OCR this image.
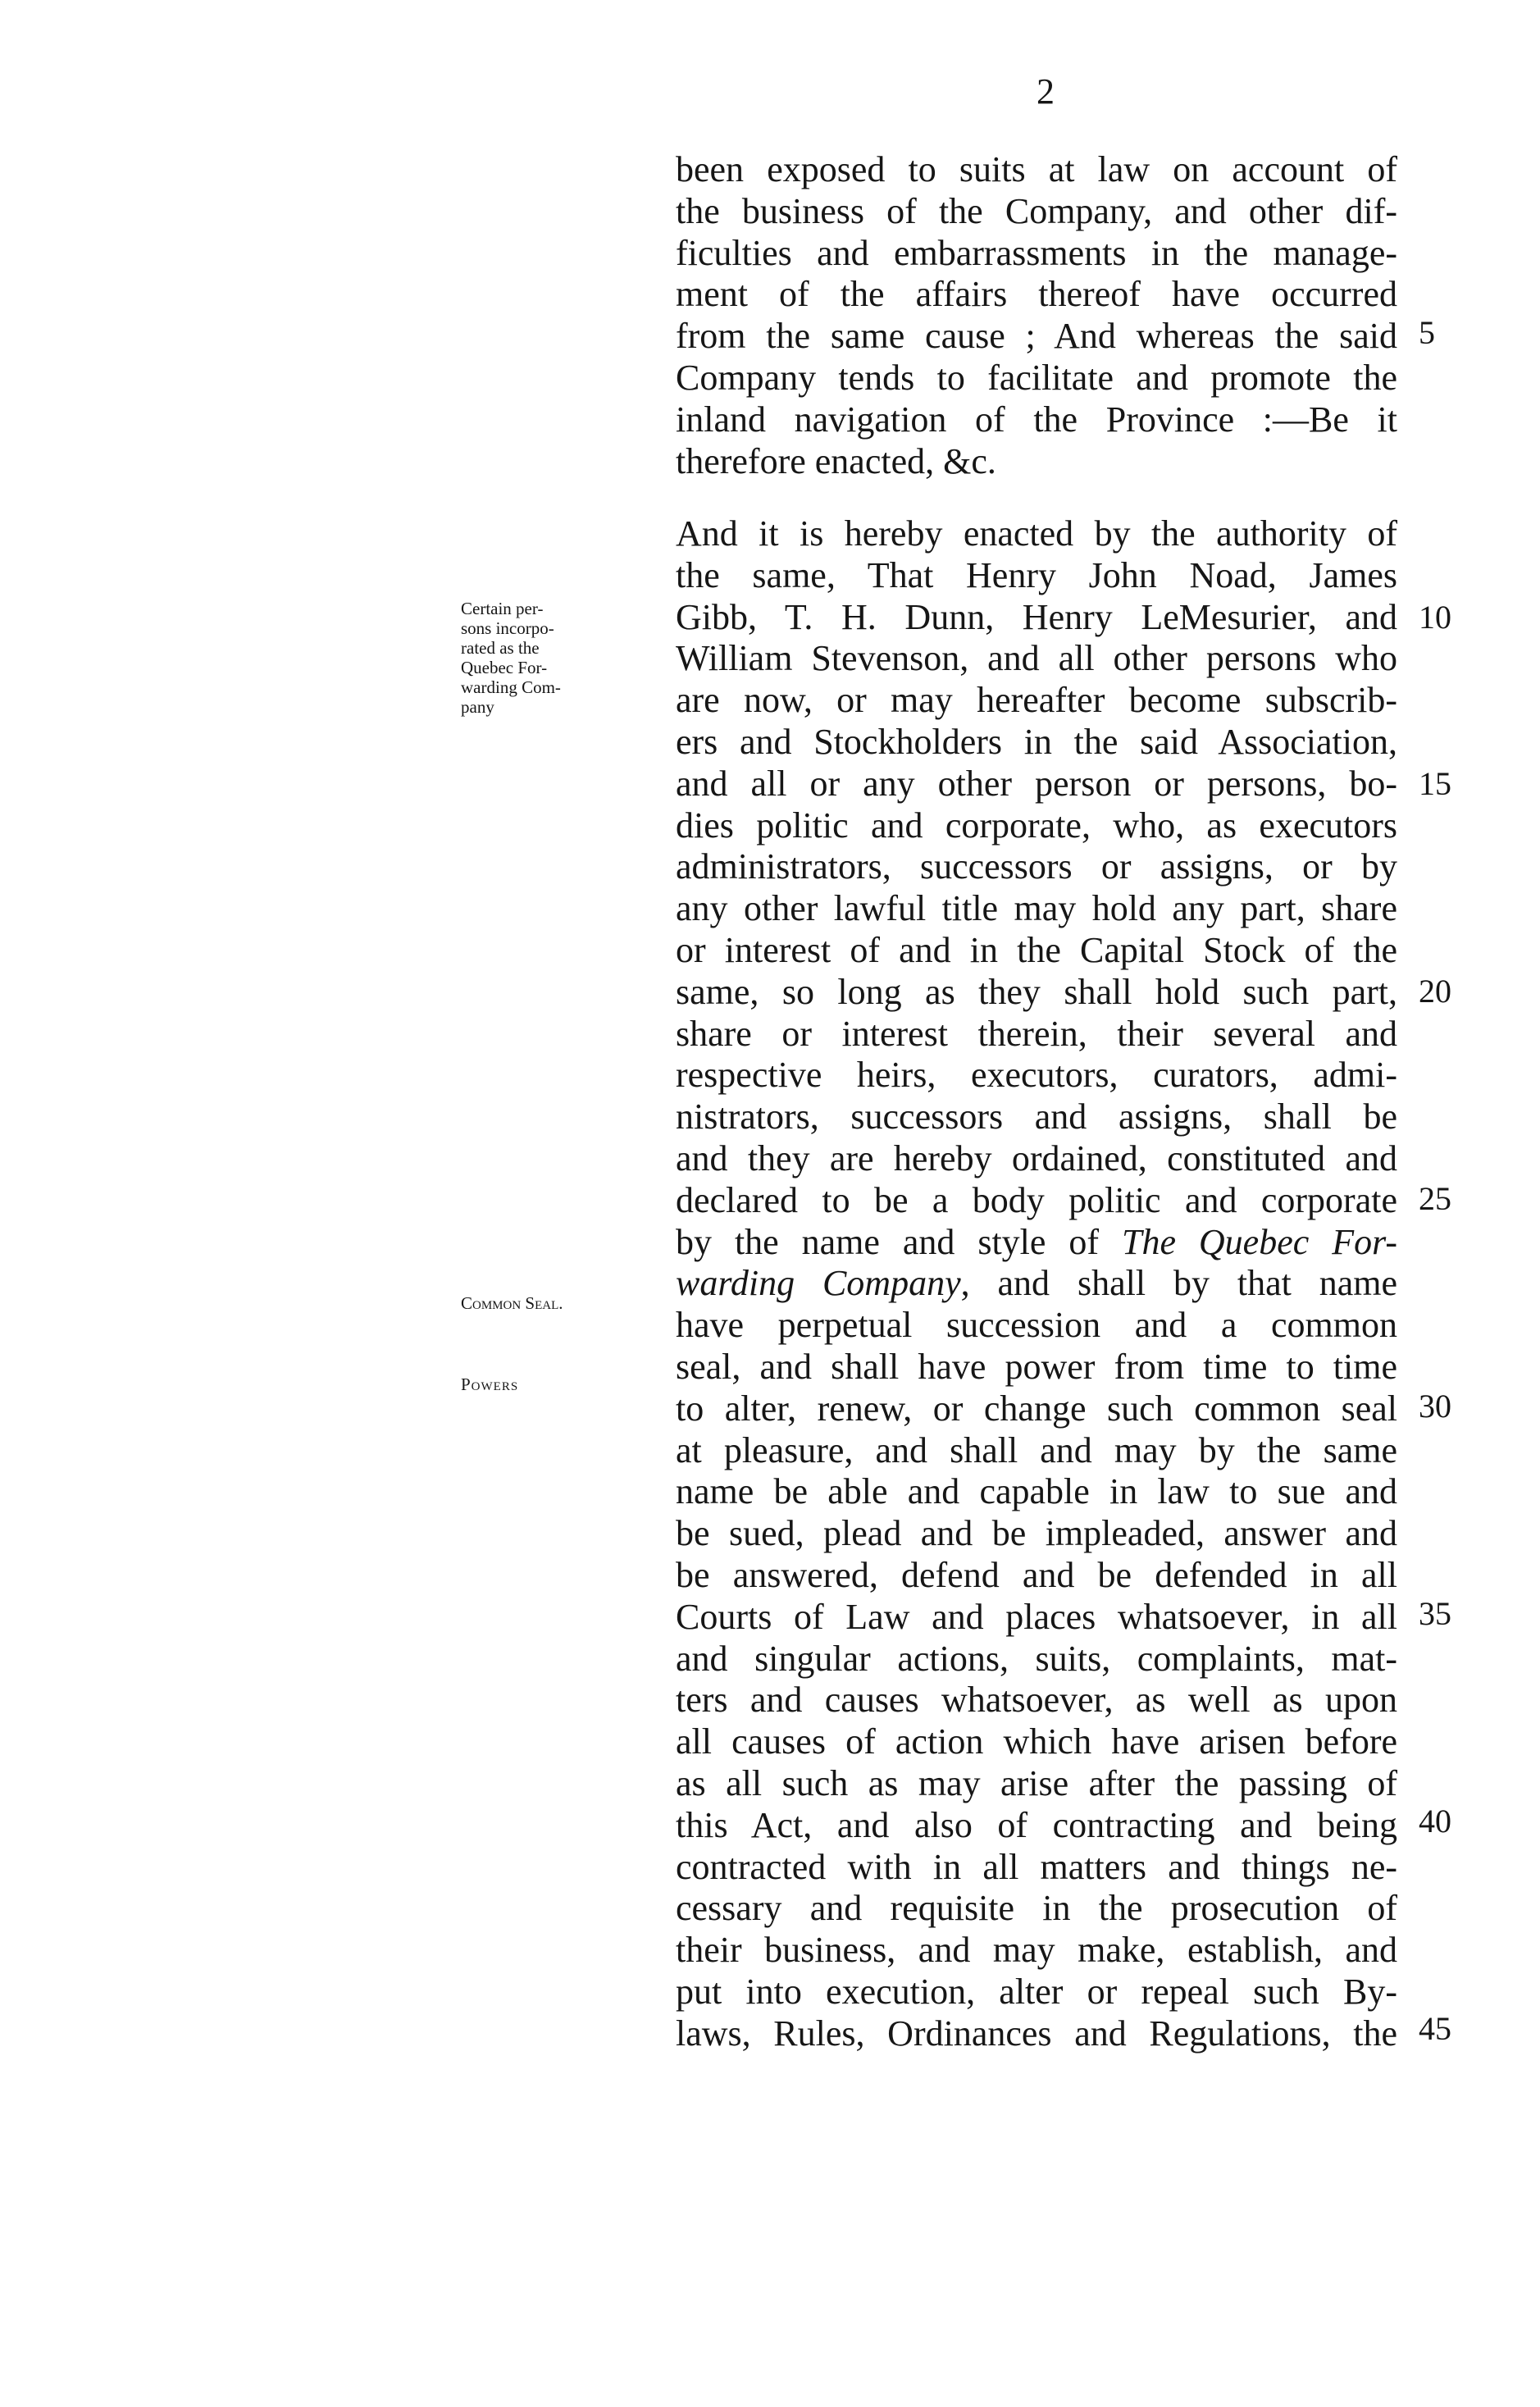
2
been exposed to suits at law on account of
the business of the Company, and other dif-
ficulties and embarrassments in the manage-
ment of the affairs thereof have occurred
from the same cause ; And whereas the said
Company tends to facilitate and promote the
inland navigation of the Province :—Be it
therefore enacted, &c.
And it is hereby enacted by the authority of
the same, That Henry John Noad, James
Gibb, T. H. Dunn, Henry LeMesurier, and
William Stevenson, and all other persons who
are now, or may hereafter become subscrib-
ers and Stockholders in the said Association,
and all or any other person or persons, bo-
dies politic and corporate, who, as executors
administrators, successors or assigns, or by
any other lawful title may hold any part, share
or interest of and in the Capital Stock of the
same, so long as they shall hold such part,
share or interest therein, their several and
respective heirs, executors, curators, admi-
nistrators, successors and assigns, shall be
and they are hereby ordained, constituted and
declared to be a body politic and corporate
by the name and style of The Quebec For-
warding Company, and shall by that name
have perpetual succession and a common
seal, and shall have power from time to time
to alter, renew, or change such common seal
at pleasure, and shall and may by the same
name be able and capable in law to sue and
be sued, plead and be impleaded, answer and
be answered, defend and be defended in all
Courts of Law and places whatsoever, in all
and singular actions, suits, complaints, mat-
ters and causes whatsoever, as well as upon
all causes of action which have arisen before
as all such as may arise after the passing of
this Act, and also of contracting and being
contracted with in all matters and things ne-
cessary and requisite in the prosecution of
their business, and may make, establish, and
put into execution, alter or repeal such By-
laws, Rules, Ordinances and Regulations, the
5
10
15
20
25
30
35
40
45
Certain per-
sons incorpo-
rated as the
Quebec For-
warding Com-
pany
Common Seal.
Powers
